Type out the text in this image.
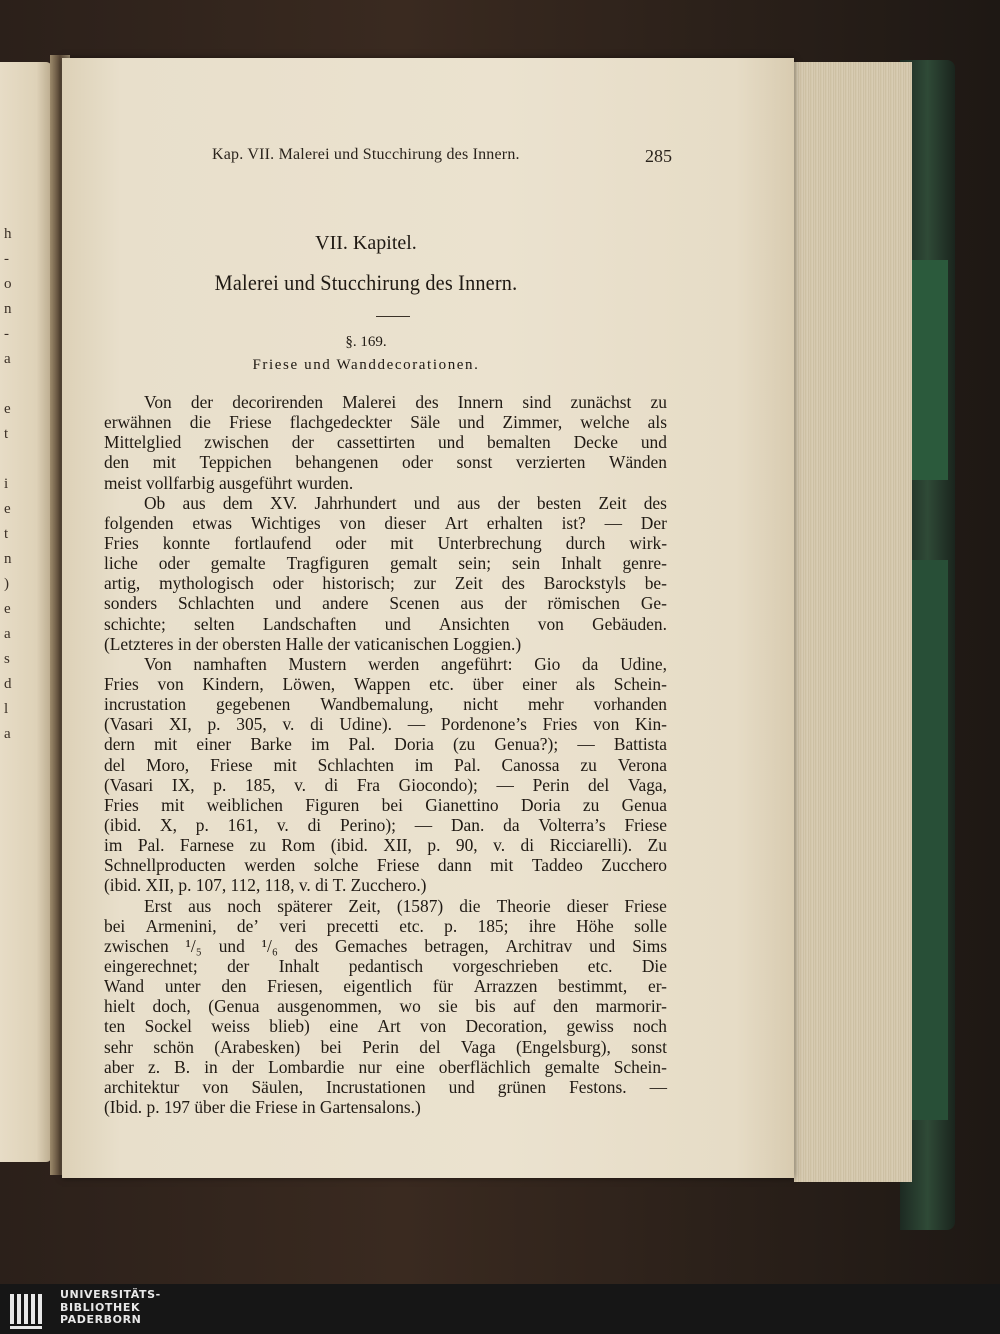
h
-
o
n
-
a

e
t

i
e
t
n
)
e
a
s
d
l
a
Kap. VII. Malerei und Stucchirung des Innern.	285
VII. Kapitel.
Malerei und Stucchirung des Innern.
§. 169.
Friese und Wanddecorationen.
Von der decorirenden Malerei des Innern sind zunächst zu
erwähnen die Friese flachgedeckter Säle und Zimmer, welche als
Mittelglied zwischen der cassettirten und bemalten Decke und
den mit Teppichen behangenen oder sonst verzierten Wänden
meist vollfarbig ausgeführt wurden.
Ob aus dem XV. Jahrhundert und aus der besten Zeit des
folgenden etwas Wichtiges von dieser Art erhalten ist? — Der
Fries konnte fortlaufend oder mit Unterbrechung durch wirk-
liche oder gemalte Tragfiguren gemalt sein; sein Inhalt genre-
artig, mythologisch oder historisch; zur Zeit des Barockstyls be-
sonders Schlachten und andere Scenen aus der römischen Ge-
schichte; selten Landschaften und Ansichten von Gebäuden.
(Letzteres in der obersten Halle der vaticanischen Loggien.)
Von namhaften Mustern werden angeführt: Gio da Udine,
Fries von Kindern, Löwen, Wappen etc. über einer als Schein-
incrustation gegebenen Wandbemalung, nicht mehr vorhanden
(Vasari XI, p. 305, v. di Udine). — Pordenone’s Fries von Kin-
dern mit einer Barke im Pal. Doria (zu Genua?); — Battista
del Moro, Friese mit Schlachten im Pal. Canossa zu Verona
(Vasari IX, p. 185, v. di Fra Giocondo); — Perin del Vaga,
Fries mit weiblichen Figuren bei Gianettino Doria zu Genua
(ibid. X, p. 161, v. di Perino); — Dan. da Volterra’s Friese
im Pal. Farnese zu Rom (ibid. XII, p. 90, v. di Ricciarelli). Zu
Schnellproducten werden solche Friese dann mit Taddeo Zucchero
(ibid. XII, p. 107, 112, 118, v. di T. Zucchero.)
Erst aus noch späterer Zeit, (1587) die Theorie dieser Friese
bei Armenini, de’ veri precetti etc. p. 185; ihre Höhe solle
zwischen ¹/₅ und ¹/₆ des Gemaches betragen, Architrav und Sims
eingerechnet; der Inhalt pedantisch vorgeschrieben etc. Die
Wand unter den Friesen, eigentlich für Arrazzen bestimmt, er-
hielt doch, (Genua ausgenommen, wo sie bis auf den marmorir-
ten Sockel weiss blieb) eine Art von Decoration, gewiss noch
sehr schön (Arabesken) bei Perin del Vaga (Engelsburg), sonst
aber z. B. in der Lombardie nur eine oberflächlich gemalte Schein-
architektur von Säulen, Incrustationen und grünen Festons. —
(Ibid. p. 197 über die Friese in Gartensalons.)
UNIVERSITÄTS-
BIBLIOTHEK
PADERBORN
